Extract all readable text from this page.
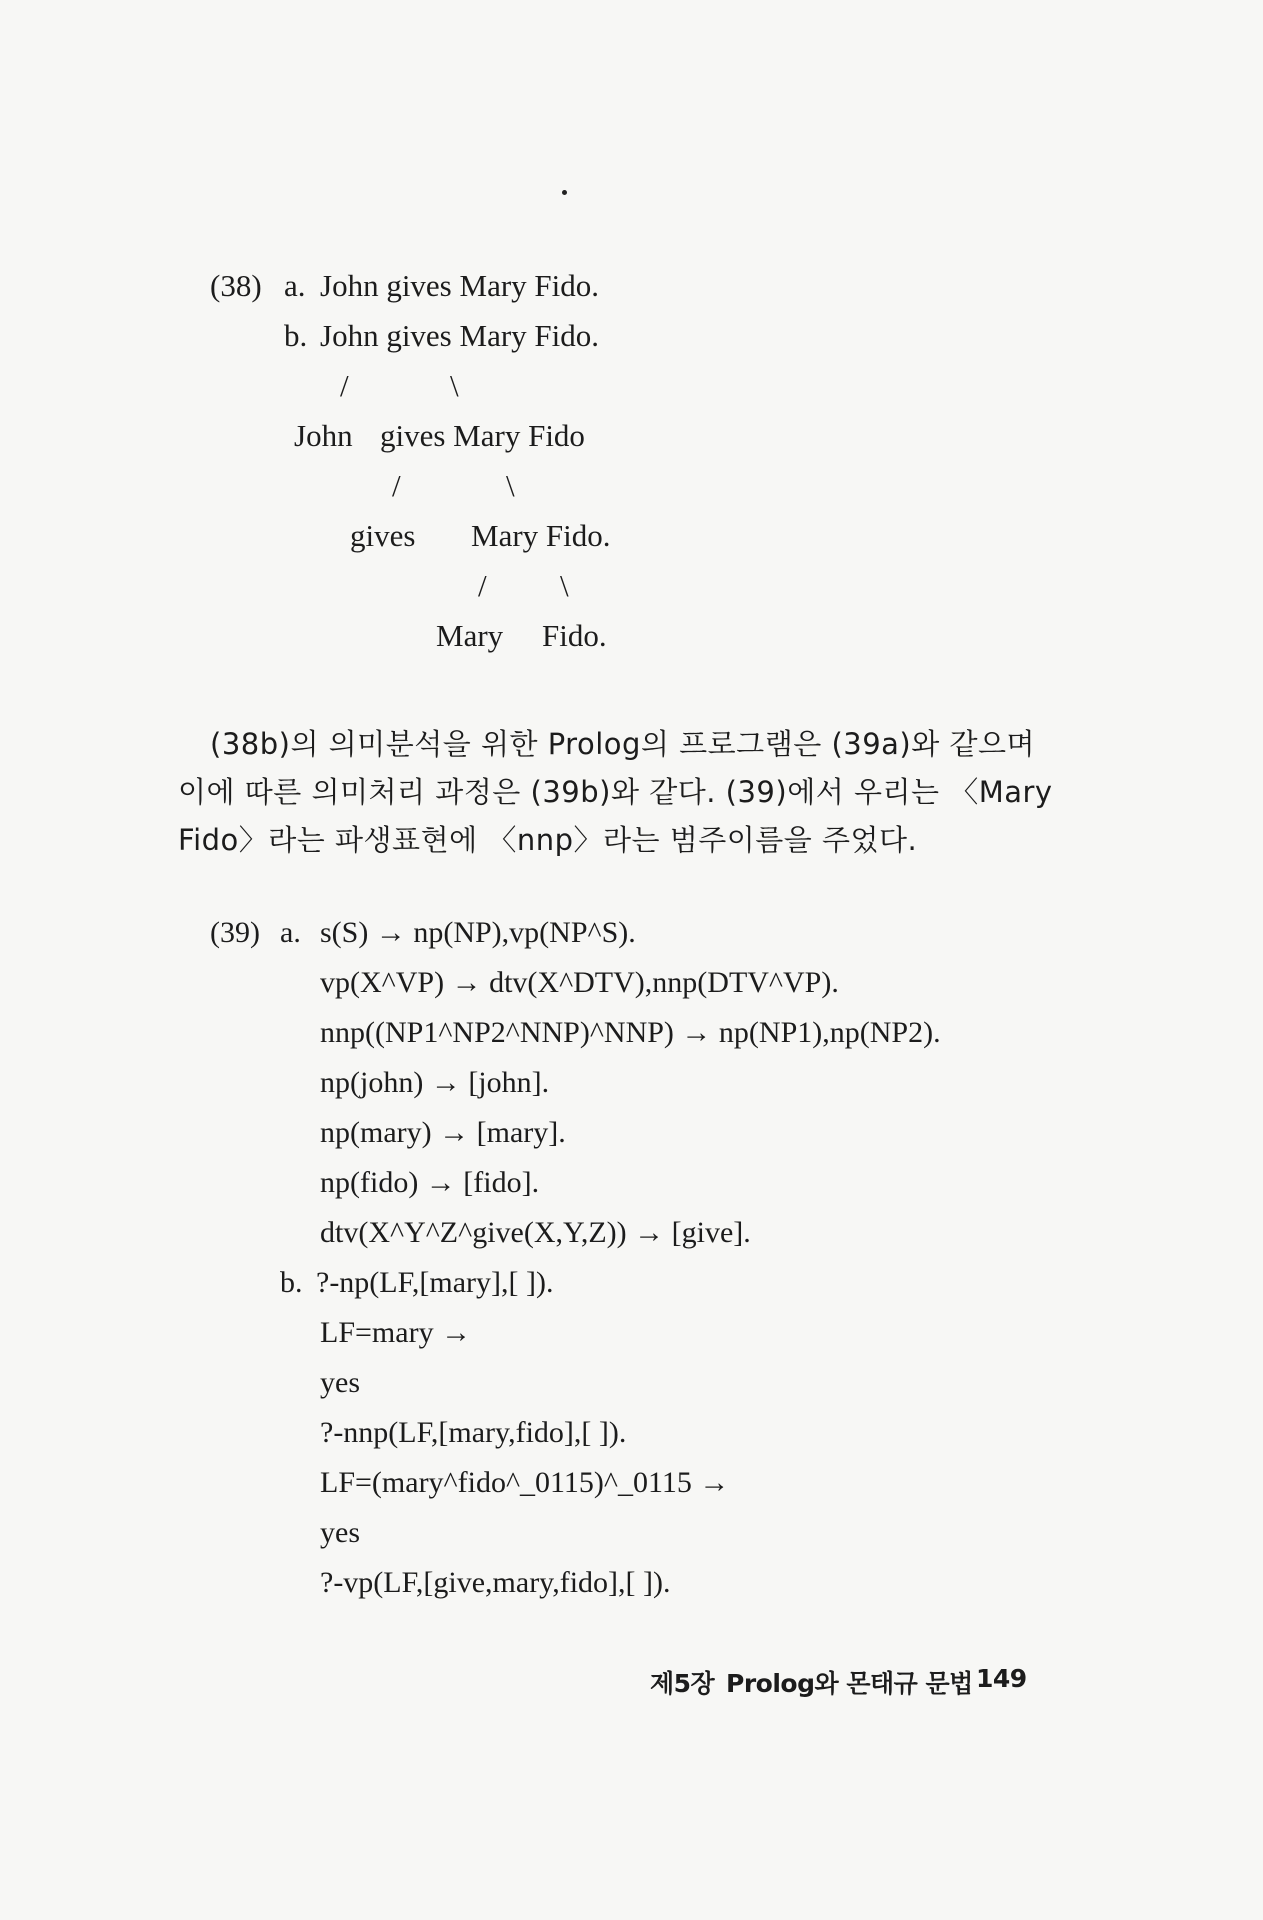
(38) a. John gives Mary Fido.
b. John gives Mary Fido.
/	\
John gives Mary Fido
/	\
gives Mary Fido.
/ \
Mary Fido.
(38b)의 의미분석을 위한 Prolog의 프로그램은 (39a)와 같으며
이에 따른 의미처리 과정은 (39b)와 같다. (39)에서 우리는 〈Mary
Fido〉라는 파생표현에 〈nnp〉라는 범주이름을 주었다.
(39) a. s(S) → np(NP),vp(NP^S).
vp(X^VP) → dtv(X^DTV),nnp(DTV^VP).
nnp((NP1^NP2^NNP)^NNP) → np(NP1),np(NP2).
np(john) → [john].
np(mary) → [mary].
np(fido) → [fido].
dtv(X^Y^Z^give(X,Y,Z)) → [give].
b. ?-np(LF,[mary],[ ]).
LF=mary →
yes
?-nnp(LF,[mary,fido],[ ]).
LF=(mary^fido^_0115)^_0115 →
yes
?-vp(LF,[give,mary,fido],[ ]).
제5장 Prolog와 몬태규 문법 149
